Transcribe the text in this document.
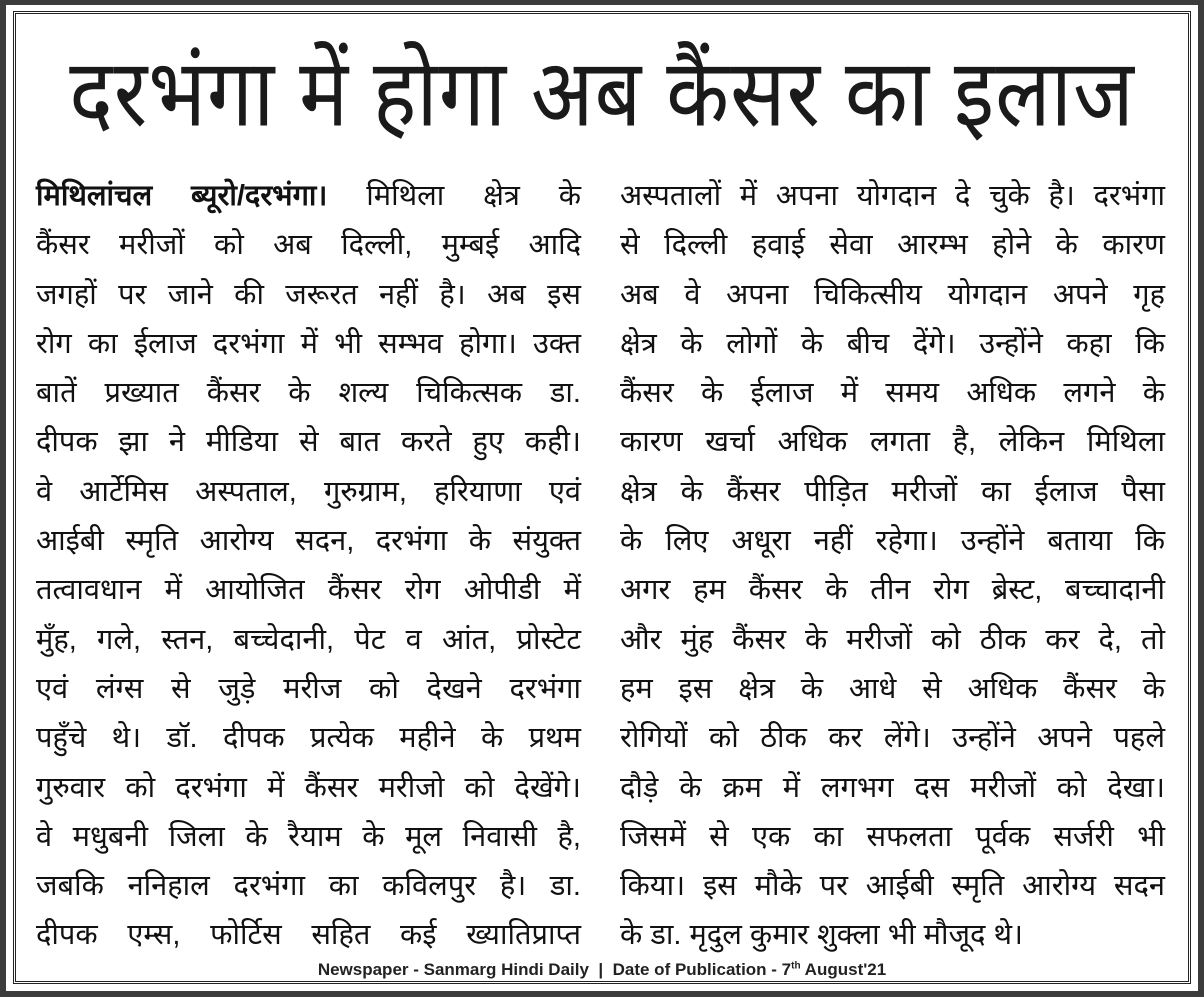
दरभंगा में होगा अब कैंसर का इलाज
मिथिलांचल ब्यूरो/दरभंगा। मिथिला क्षेत्र के
कैंसर मरीजों को अब दिल्ली, मुम्बई आदि
जगहों पर जाने की जरूरत नहीं है। अब इस
रोग का ईलाज दरभंगा में भी सम्भव होगा। उक्त
बातें प्रख्यात कैंसर के शल्य चिकित्सक डा.
दीपक झा ने मीडिया से बात करते हुए कही।
वे आर्टेमिस अस्पताल, गुरुग्राम, हरियाणा एवं
आईबी स्मृति आरोग्य सदन, दरभंगा के संयुक्त
तत्वावधान में आयोजित कैंसर रोग ओपीडी में
मुँह, गले, स्तन, बच्चेदानी, पेट व आंत, प्रोस्टेट
एवं लंग्स से जुड़े मरीज को देखने दरभंगा
पहुँचे थे। डॉ. दीपक प्रत्येक महीने के प्रथम
गुरुवार को दरभंगा में कैंसर मरीजो को देखेंगे।
वे मधुबनी जिला के रैयाम के मूल निवासी है,
जबकि ननिहाल दरभंगा का कविलपुर है। डा.
दीपक एम्स, फोर्टिस सहित कई ख्यातिप्राप्त
अस्पतालों में अपना योगदान दे चुके है। दरभंगा
से दिल्ली हवाई सेवा आरम्भ होने के कारण
अब वे अपना चिकित्सीय योगदान अपने गृह
क्षेत्र के लोगों के बीच देंगे। उन्होंने कहा कि
कैंसर के ईलाज में समय अधिक लगने के
कारण खर्चा अधिक लगता है, लेकिन मिथिला
क्षेत्र के कैंसर पीड़ित मरीजों का ईलाज पैसा
के लिए अधूरा नहीं रहेगा। उन्होंने बताया कि
अगर हम कैंसर के तीन रोग ब्रेस्ट, बच्चादानी
और मुंह कैंसर के मरीजों को ठीक कर दे, तो
हम इस क्षेत्र के आधे से अधिक कैंसर के
रोगियों को ठीक कर लेंगे। उन्होंने अपने पहले
दौड़े के क्रम में लगभग दस मरीजों को देखा।
जिसमें से एक का सफलता पूर्वक सर्जरी भी
किया। इस मौके पर आईबी स्मृति आरोग्य सदन
के डा. मृदुल कुमार शुक्ला भी मौजूद थे।
Newspaper - Sanmarg Hindi Daily  |  Date of Publication - 7th August'21
